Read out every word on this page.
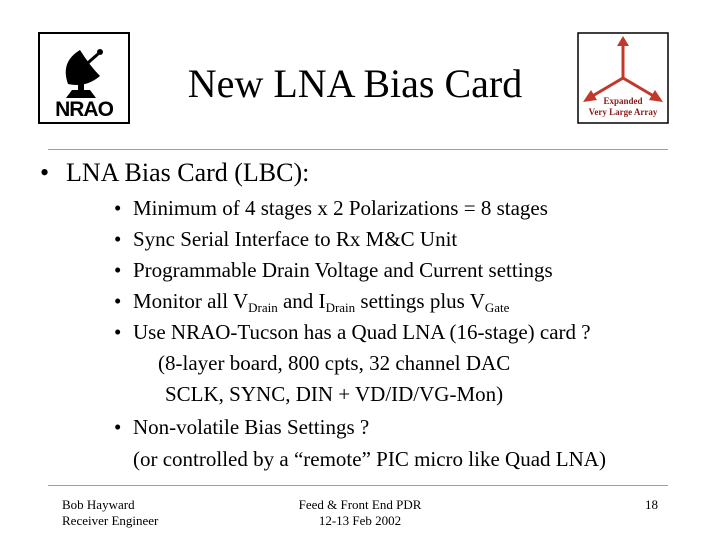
NRAO	Expanded
Very Large Array
New LNA Bias Card
• LNA Bias Card (LBC):
• Minimum of 4 stages x 2 Polarizations = 8 stages
• Sync Serial Interface to Rx M&C Unit
• Programmable Drain Voltage and Current settings
• Monitor all $V_{Drain}$ and $I_{Drain}$ settings plus $V_{Gate}$
• Use NRAO-Tucson has a Quad LNA (16-stage) card ?
(8-layer board, 800 cpts, 32 channel DAC
SCLK, SYNC, DIN + VD/ID/VG-Mon)
• Non-volatile Bias Settings ?
(or controlled by a “remote” PIC micro like Quad LNA)
Bob Hayward
Receiver Engineer
Feed & Front End PDR
12-13 Feb 2002
18
